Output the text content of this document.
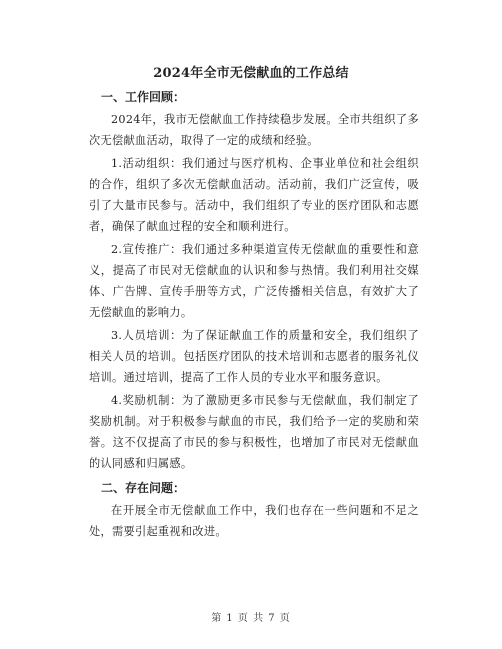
2024年全市无偿献血的工作总结
一、工作回顾：

2024年，我市无偿献血工作持续稳步发展。全市共组织了多次无偿献血活动，取得了一定的成绩和经验。

1.活动组织：我们通过与医疗机构、企事业单位和社会组织的合作，组织了多次无偿献血活动。活动前，我们广泛宣传，吸引了大量市民参与。活动中，我们组织了专业的医疗团队和志愿者，确保了献血过程的安全和顺利进行。

2.宣传推广：我们通过多种渠道宣传无偿献血的重要性和意义，提高了市民对无偿献血的认识和参与热情。我们利用社交媒体、广告牌、宣传手册等方式，广泛传播相关信息，有效扩大了无偿献血的影响力。

3.人员培训：为了保证献血工作的质量和安全，我们组织了相关人员的培训。包括医疗团队的技术培训和志愿者的服务礼仪培训。通过培训，提高了工作人员的专业水平和服务意识。

4.奖励机制：为了激励更多市民参与无偿献血，我们制定了奖励机制。对于积极参与献血的市民，我们给予一定的奖励和荣誉。这不仅提高了市民的参与积极性，也增加了市民对无偿献血的认同感和归属感。

二、存在问题：

在开展全市无偿献血工作中，我们也存在一些问题和不足之处，需要引起重视和改进。

第 1 页 共 7 页
